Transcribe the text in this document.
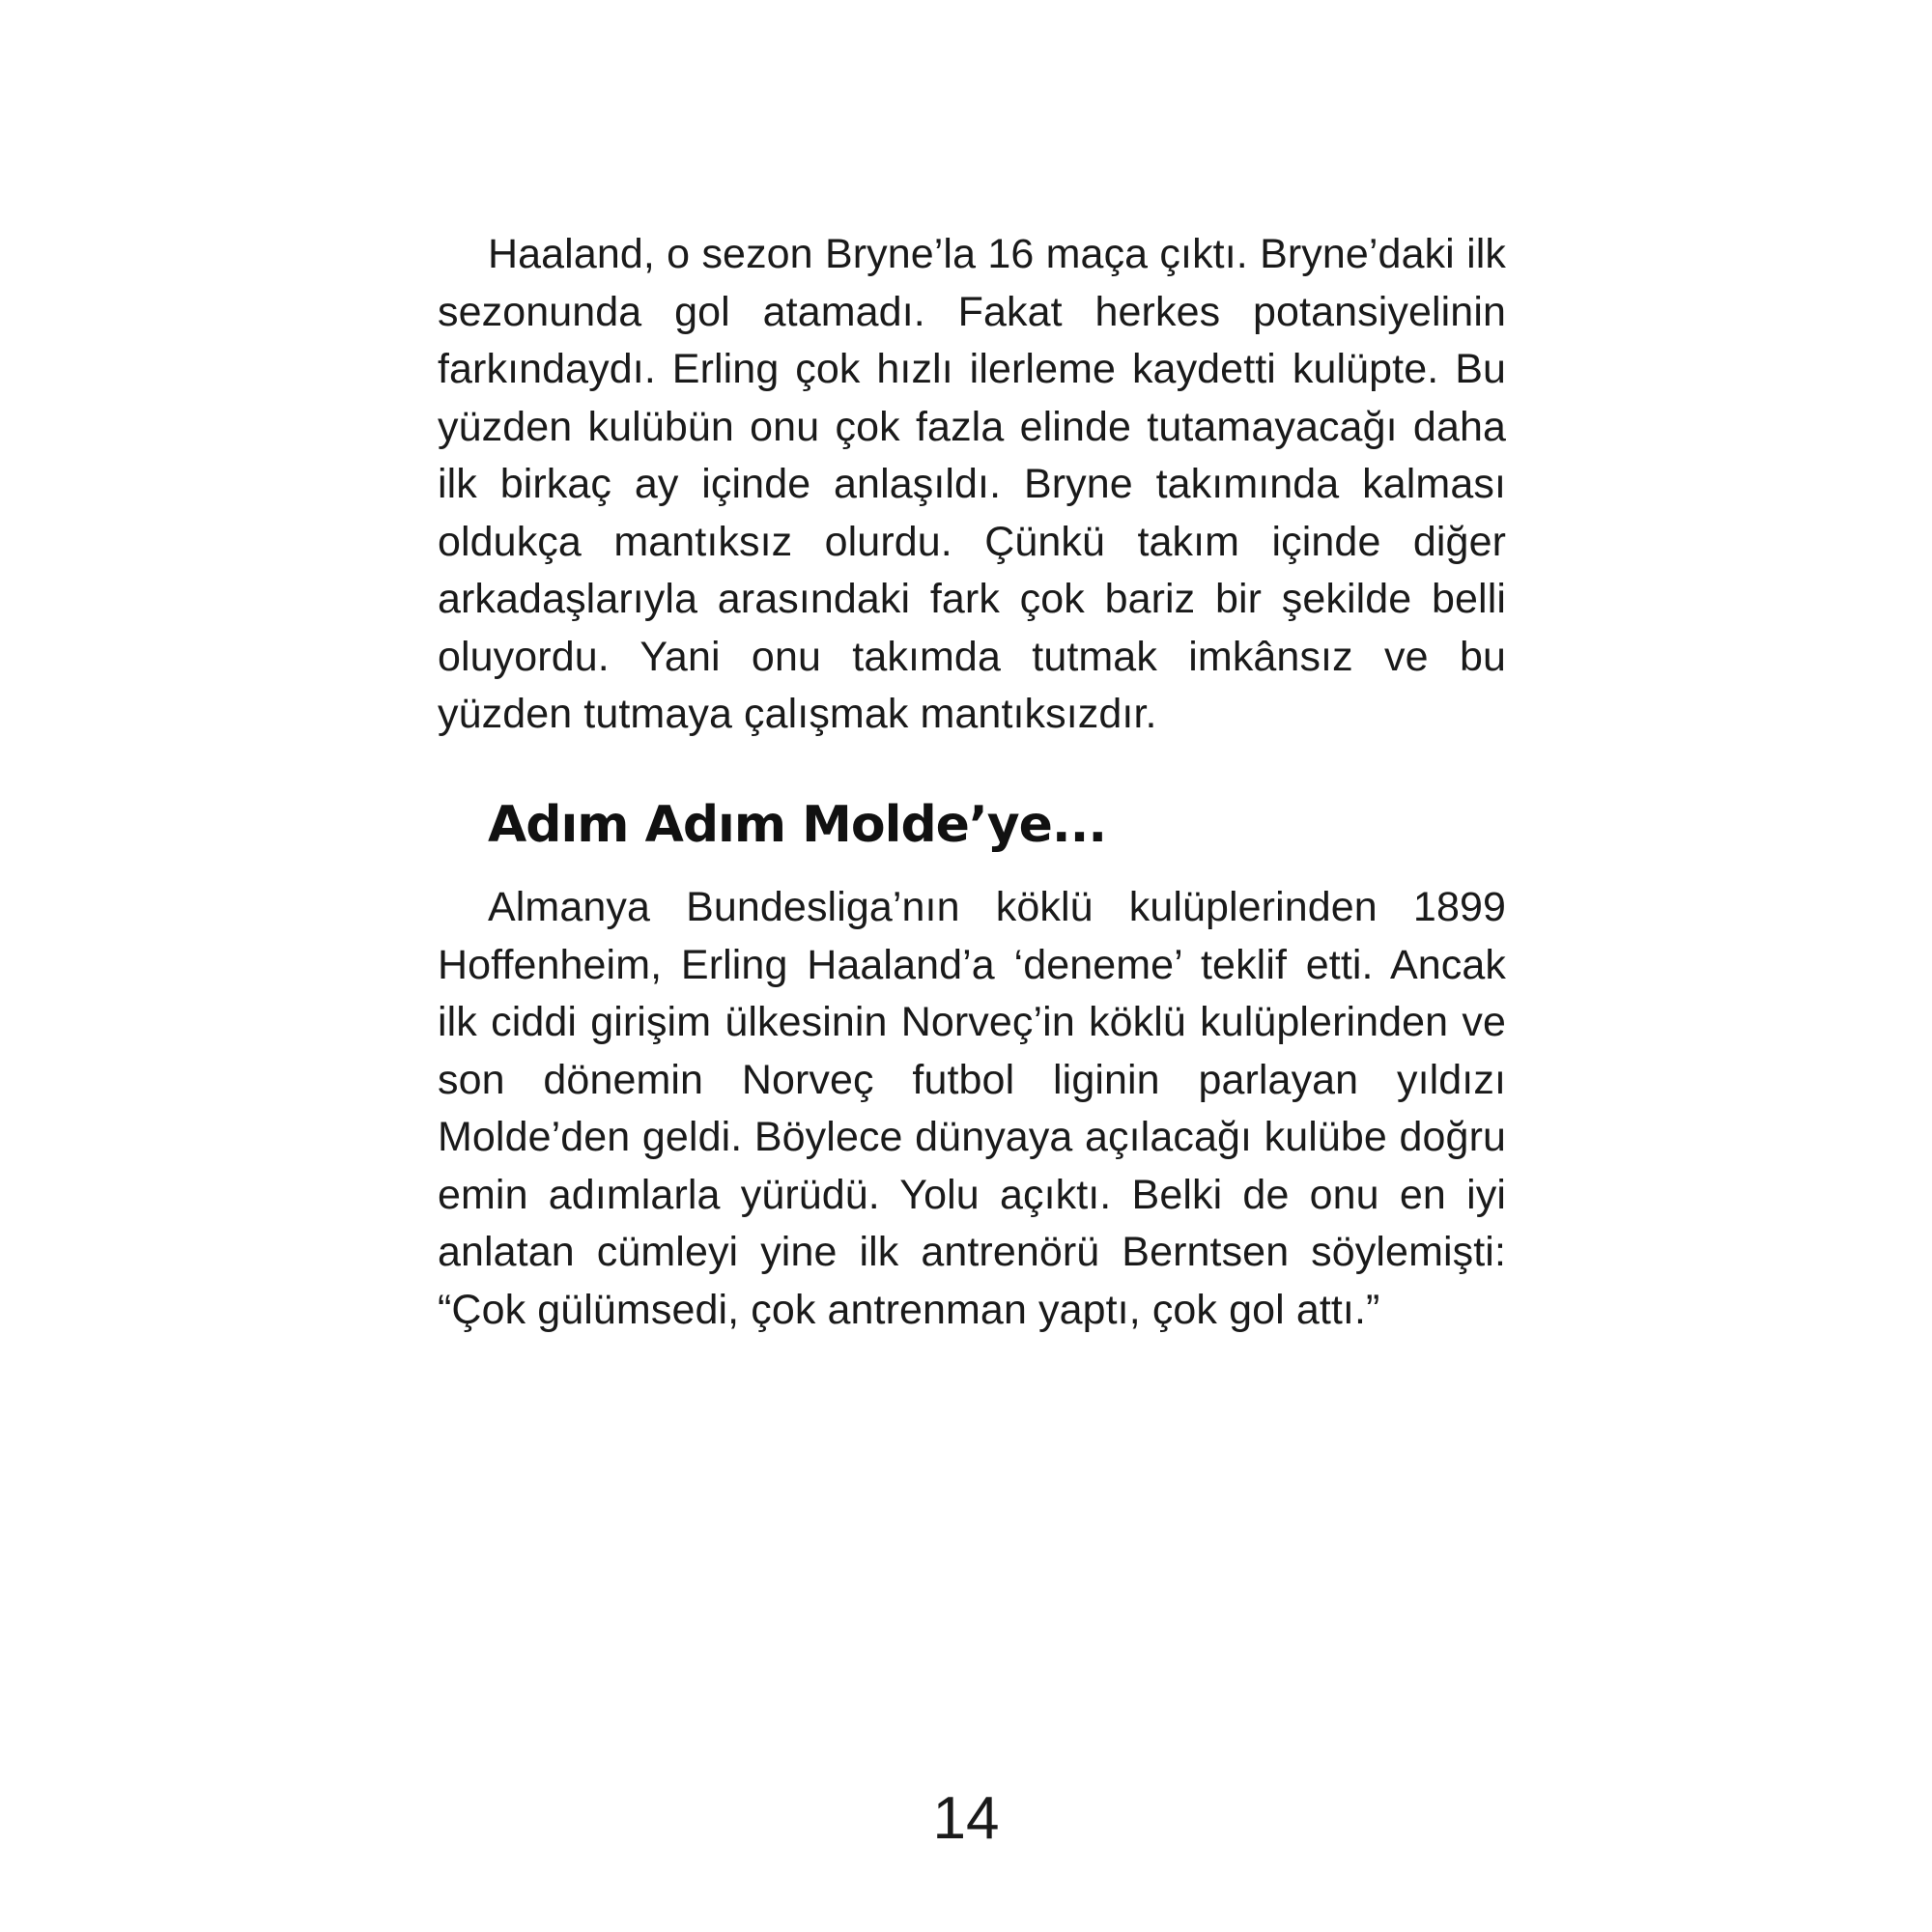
Haaland, o sezon Bryne’la 16 maça çıktı. Bryne’daki ilk sezonunda gol atamadı. Fakat herkes potansiyelinin farkındaydı. Erling çok hızlı ilerleme kaydetti kulüpte. Bu yüzden kulübün onu çok fazla elinde tutamayacağı daha ilk birkaç ay içinde anlaşıldı. Bryne takımında kalması oldukça mantıksız olurdu. Çünkü takım içinde diğer arkadaşlarıyla arasındaki fark çok bariz bir şekilde belli oluyordu. Yani onu takımda tutmak imkânsız ve bu yüzden tutmaya çalışmak mantıksızdır.

Adım Adım Molde’ye...

Almanya Bundesliga’nın köklü kulüplerinden 1899 Hoffenheim, Erling Haaland’a ‘deneme’ teklif etti. Ancak ilk ciddi girişim ülkesinin Norveç’in köklü kulüplerinden ve son dönemin Norveç futbol liginin parlayan yıldızı Molde’den geldi. Böylece dünyaya açılacağı kulübe doğru emin adımlarla yürüdü. Yolu açıktı. Belki de onu en iyi anlatan cümleyi yine ilk antrenörü Berntsen söylemişti: “Çok gülümsedi, çok antrenman yaptı, çok gol attı.”

14
